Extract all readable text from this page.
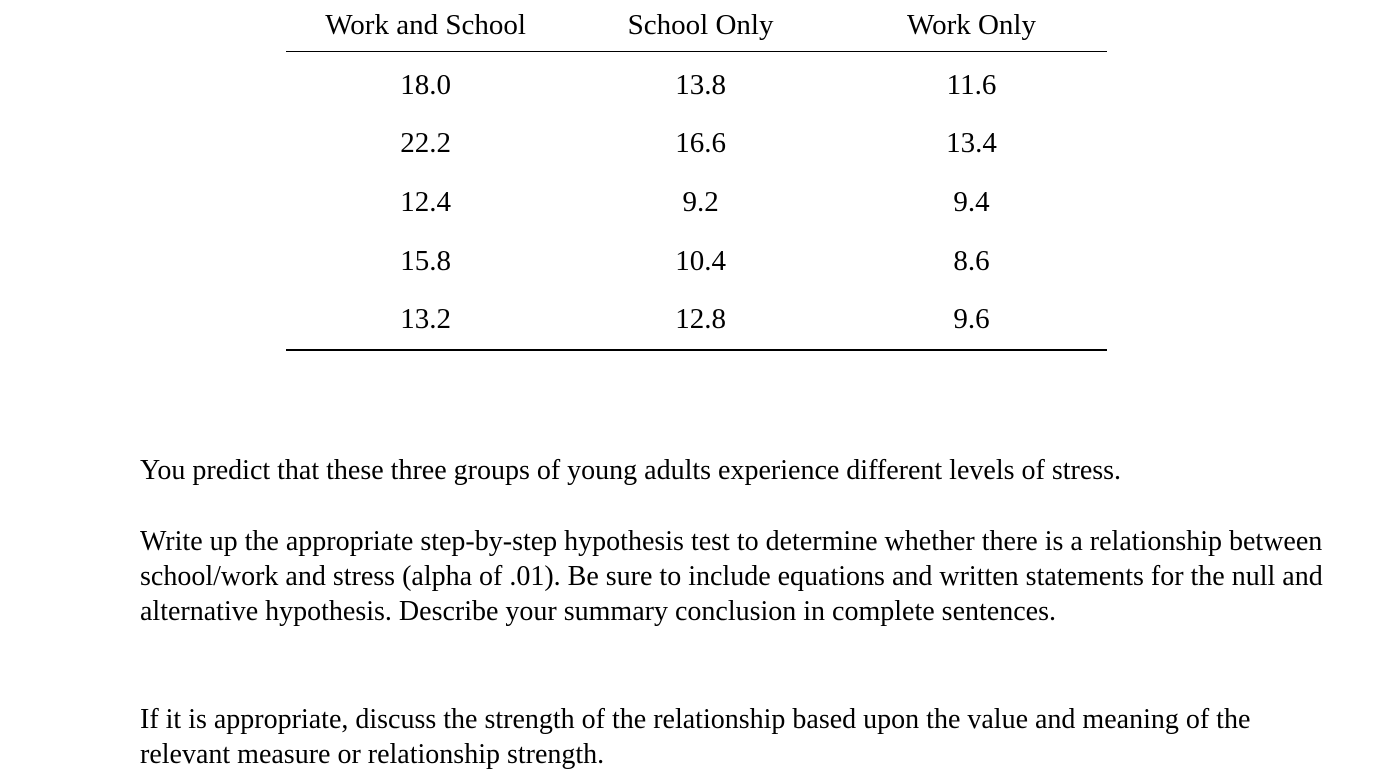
Work and School	School Only	Work Only
18.0	13.8	11.6
22.2	16.6	13.4
12.4	9.2	9.4
15.8	10.4	8.6
13.2	12.8	9.6

You predict that these three groups of young adults experience different levels of stress.

Write up the appropriate step-by-step hypothesis test to determine whether there is a relationship between school/work and stress (alpha of .01). Be sure to include equations and written statements for the null and alternative hypothesis. Describe your summary conclusion in complete sentences.

If it is appropriate, discuss the strength of the relationship based upon the value and meaning of the relevant measure or relationship strength.
